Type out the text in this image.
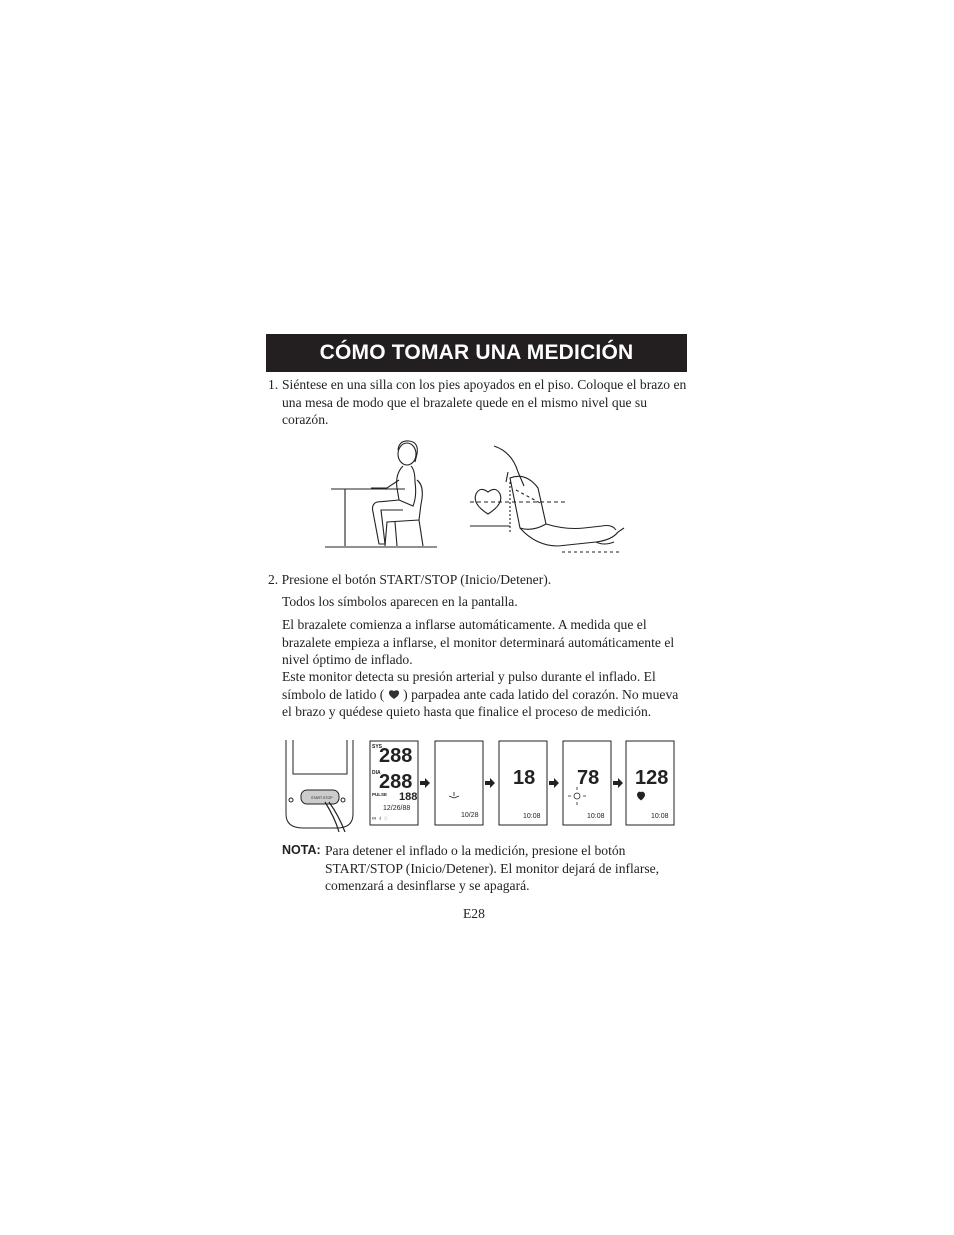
CÓMO TOMAR UNA MEDICIÓN
1. Siéntese en una silla con los pies apoyados en el piso. Coloque el brazo en una mesa de modo que el brazalete quede en el mismo nivel que su corazón.
2. Presione el botón START/STOP (Inicio/Detener).
Todos los símbolos aparecen en la pantalla.
El brazalete comienza a inflarse automáticamente. A medida que el brazalete empieza a inflarse, el monitor determinará automáticamente el nivel óptimo de inflado.
Este monitor detecta su presión arterial y pulso durante el inflado. El símbolo de latido ( ) parpadea ante cada latido del corazón. No mueva el brazo y quédese quieto hasta que finalice el proceso de medición.
START STOP
SYS
288
DIA
288
PULSE 188
12/26/88
∞ ♁ ◌	10/28
18
10:08
78
10:08
128
10:08
NOTA: Para detener el inflado o la medición, presione el botón START/STOP (Inicio/Detener). El monitor dejará de inflarse, comenzará a desinflarse y se apagará.
E28
